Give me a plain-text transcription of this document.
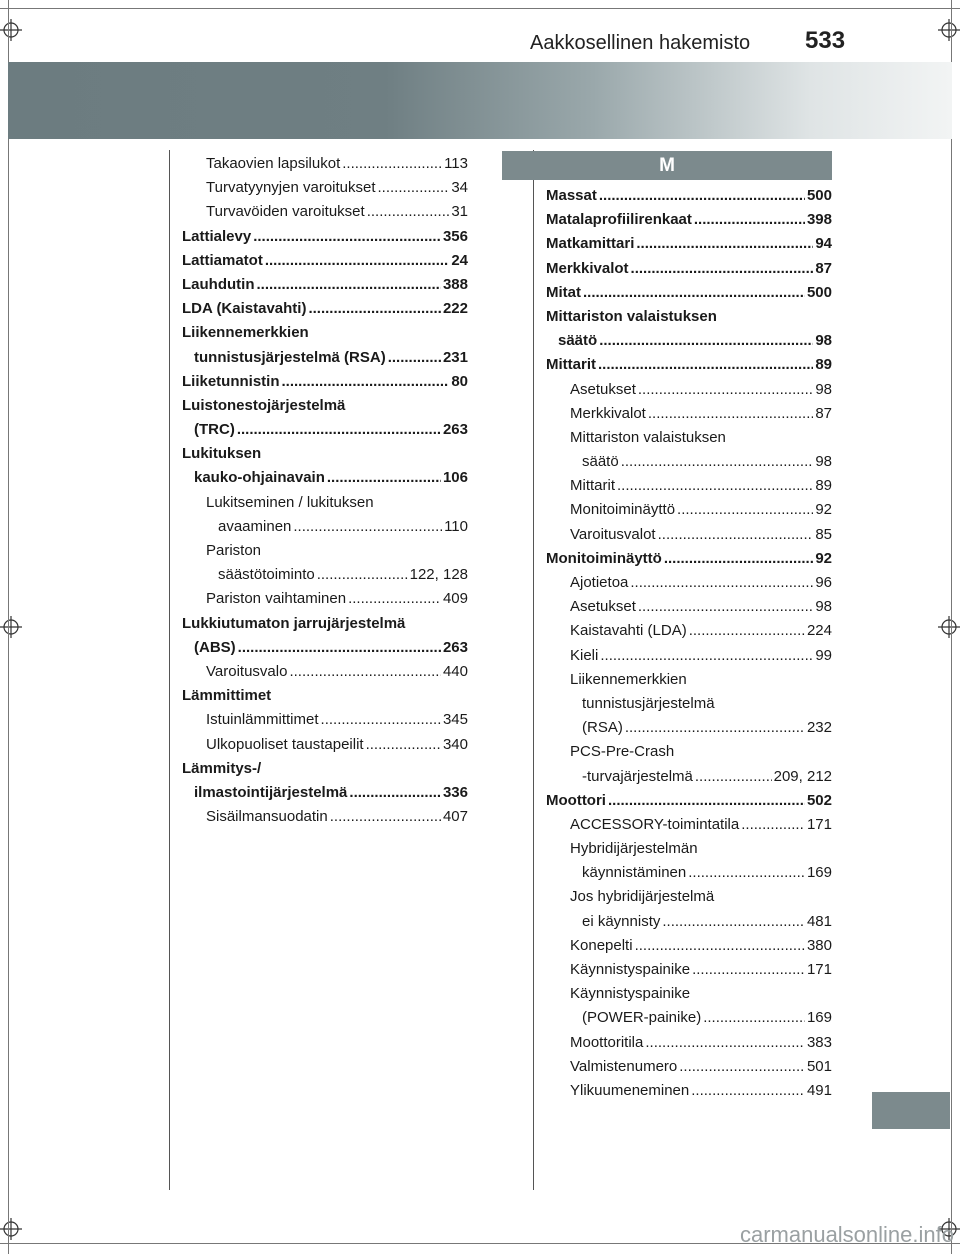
Aakkosellinen hakemisto 533
M
Takaovien lapsilukot .....	113
Turvatyynyjen varoitukset .....	34
Turvavöiden varoitukset .....	31
Lattialevy .....	356
Lattiamatot .....	24
Lauhdutin .....	388
LDA (Kaistavahti) .....	222
Liikennemerkkien
tunnistusjärjestelmä (RSA) .....	231
Liiketunnistin .....	80
Luistonestojärjestelmä
(TRC) .....	263
Lukituksen
kauko-ohjainavain .....	106
Lukitseminen / lukituksen
avaaminen .....	110
Pariston
säästötoiminto .....	122, 128
Pariston vaihtaminen .....	409
Lukkiutumaton jarrujärjestelmä
(ABS) .....	263
Varoitusvalo .....	440
Lämmittimet
Istuinlämmittimet .....	345
Ulkopuoliset taustapeilit .....	340
Lämmitys-/
ilmastointijärjestelmä .....	336
Sisäilmansuodatin .....	407
Massat .....	500
Matalaprofiilirenkaat .....	398
Matkamittari .....	94
Merkkivalot .....	87
Mitat .....	500
Mittariston valaistuksen
säätö .....	98
Mittarit .....	89
Asetukset .....	98
Merkkivalot .....	87
Mittariston valaistuksen
säätö .....	98
Mittarit .....	89
Monitoiminäyttö .....	92
Varoitusvalot .....	85
Monitoiminäyttö .....	92
Ajotietoa .....	96
Asetukset .....	98
Kaistavahti (LDA) .....	224
Kieli .....	99
Liikennemerkkien
tunnistusjärjestelmä
(RSA) .....	232
PCS-Pre-Crash
-turvajärjestelmä .....	209, 212
Moottori .....	502
ACCESSORY-toimintatila .....	171
Hybridijärjestelmän
käynnistäminen .....	169
Jos hybridijärjestelmä
ei käynnisty .....	481
Konepelti .....	380
Käynnistyspainike .....	171
Käynnistyspainike
(POWER-painike) .....	169
Moottoritila .....	383
Valmistenumero .....	501
Ylikuumeneminen .....	491
carmanualsonline.info
